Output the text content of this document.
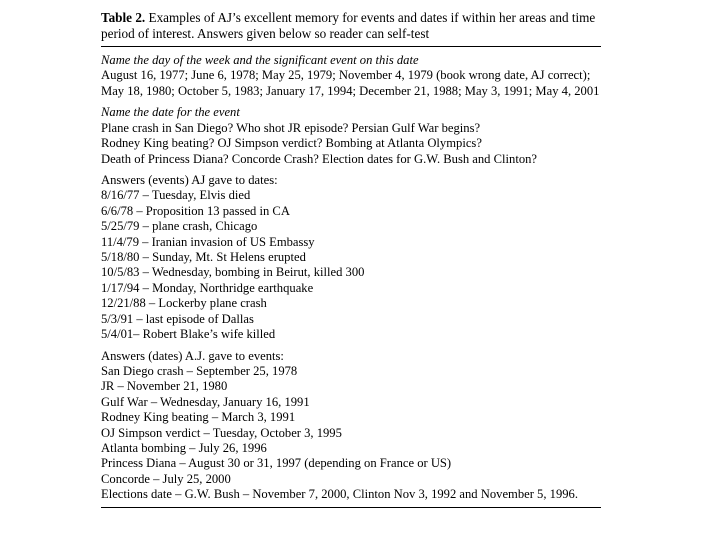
Table 2. Examples of AJ’s excellent memory for events and dates if within her areas and time period of interest. Answers given below so reader can self-test

Name the day of the week and the significant event on this date

August 16, 1977; June 6, 1978; May 25, 1979; November 4, 1979 (book wrong date, AJ correct); May 18, 1980; October 5, 1983; January 17, 1994; December 21, 1988; May 3, 1991; May 4, 2001

Name the date for the event

Plane crash in San Diego? Who shot JR episode? Persian Gulf War begins?

Rodney King beating? OJ Simpson verdict? Bombing at Atlanta Olympics?

Death of Princess Diana? Concorde Crash? Election dates for G.W. Bush and Clinton?

Answers (events) AJ gave to dates:

8/16/77 – Tuesday, Elvis died

6/6/78 – Proposition 13 passed in CA

5/25/79 – plane crash, Chicago

11/4/79 – Iranian invasion of US Embassy

5/18/80 – Sunday, Mt. St Helens erupted

10/5/83 – Wednesday, bombing in Beirut, killed 300

1/17/94 – Monday, Northridge earthquake

12/21/88 – Lockerby plane crash

5/3/91 – last episode of Dallas

5/4/01– Robert Blake’s wife killed

Answers (dates) A.J. gave to events:

San Diego crash – September 25, 1978

JR – November 21, 1980

Gulf War – Wednesday, January 16, 1991

Rodney King beating – March 3, 1991

OJ Simpson verdict – Tuesday, October 3, 1995

Atlanta bombing – July 26, 1996

Princess Diana – August 30 or 31, 1997 (depending on France or US)

Concorde – July 25, 2000

Elections date – G.W. Bush – November 7, 2000, Clinton Nov 3, 1992 and November 5, 1996.
